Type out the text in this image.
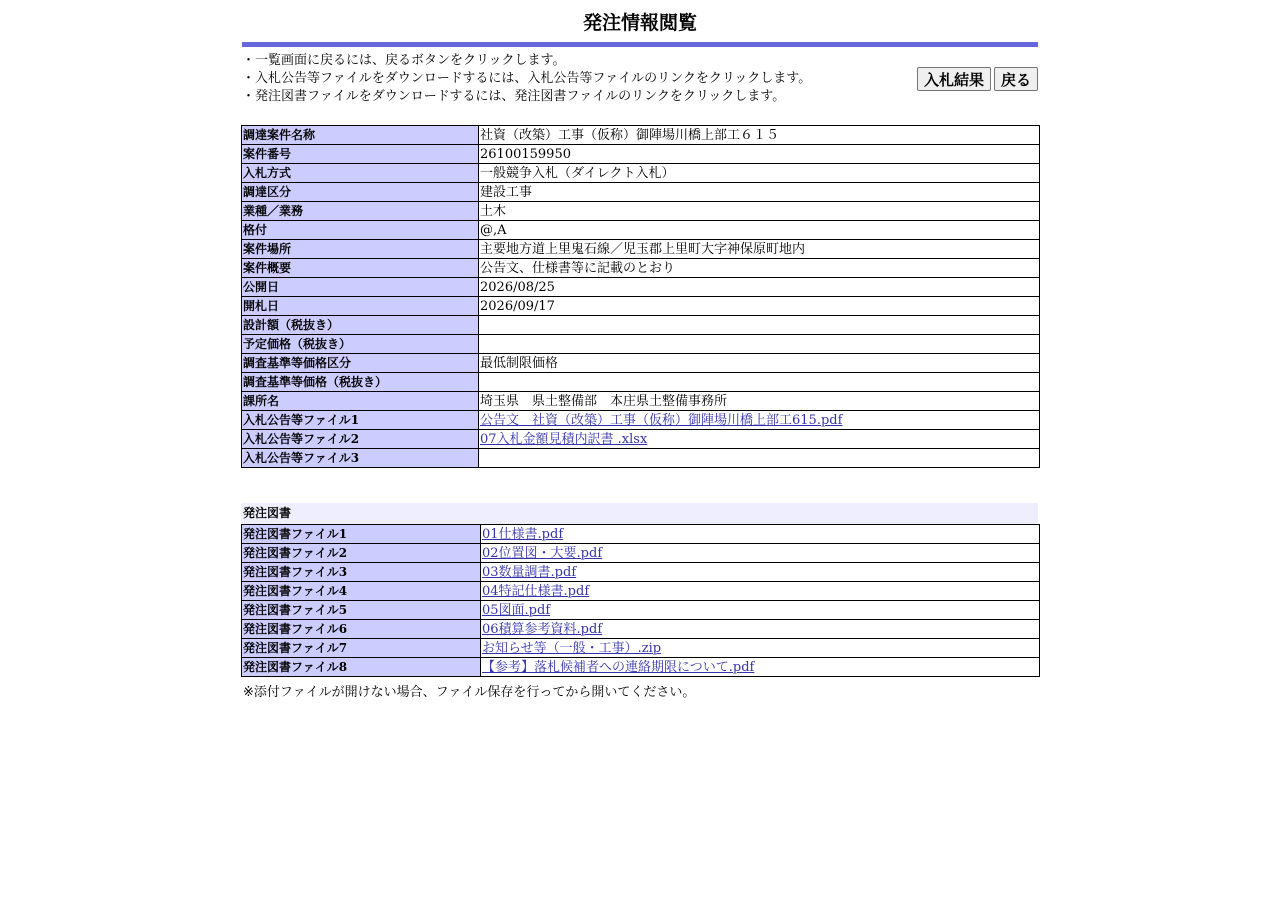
発注情報閲覧
・一覧画面に戻るには、戻るボタンをクリックします。
・入札公告等ファイルをダウンロードするには、入札公告等ファイルのリンクをクリックします。
・発注図書ファイルをダウンロードするには、発注図書ファイルのリンクをクリックします。
入札結果	戻る
調達案件名称	社資（改築）工事（仮称）御陣場川橋上部工６１５
案件番号	26100159950
入札方式	一般競争入札（ダイレクト入札）
調達区分	建設工事
業種／業務	土木
格付	@,A
案件場所	主要地方道上里鬼石線／児玉郡上里町大字神保原町地内
案件概要	公告文、仕様書等に記載のとおり
公開日	2026/08/25
開札日	2026/09/17
設計額（税抜き）	
予定価格（税抜き）	
調査基準等価格区分	最低制限価格
調査基準等価格（税抜き）	
課所名	埼玉県　県土整備部　本庄県土整備事務所
入札公告等ファイル1	公告文　社資（改築）工事（仮称）御陣場川橋上部工615.pdf
入札公告等ファイル2	07入札金額見積内訳書 .xlsx
入札公告等ファイル3	
発注図書
発注図書ファイル1	01仕様書.pdf
発注図書ファイル2	02位置図・大要.pdf
発注図書ファイル3	03数量調書.pdf
発注図書ファイル4	04特記仕様書.pdf
発注図書ファイル5	05図面.pdf
発注図書ファイル6	06積算参考資料.pdf
発注図書ファイル7	お知らせ等（一般・工事）.zip
発注図書ファイル8	【参考】落札候補者への連絡期限について.pdf
※添付ファイルが開けない場合、ファイル保存を行ってから開いてください。
